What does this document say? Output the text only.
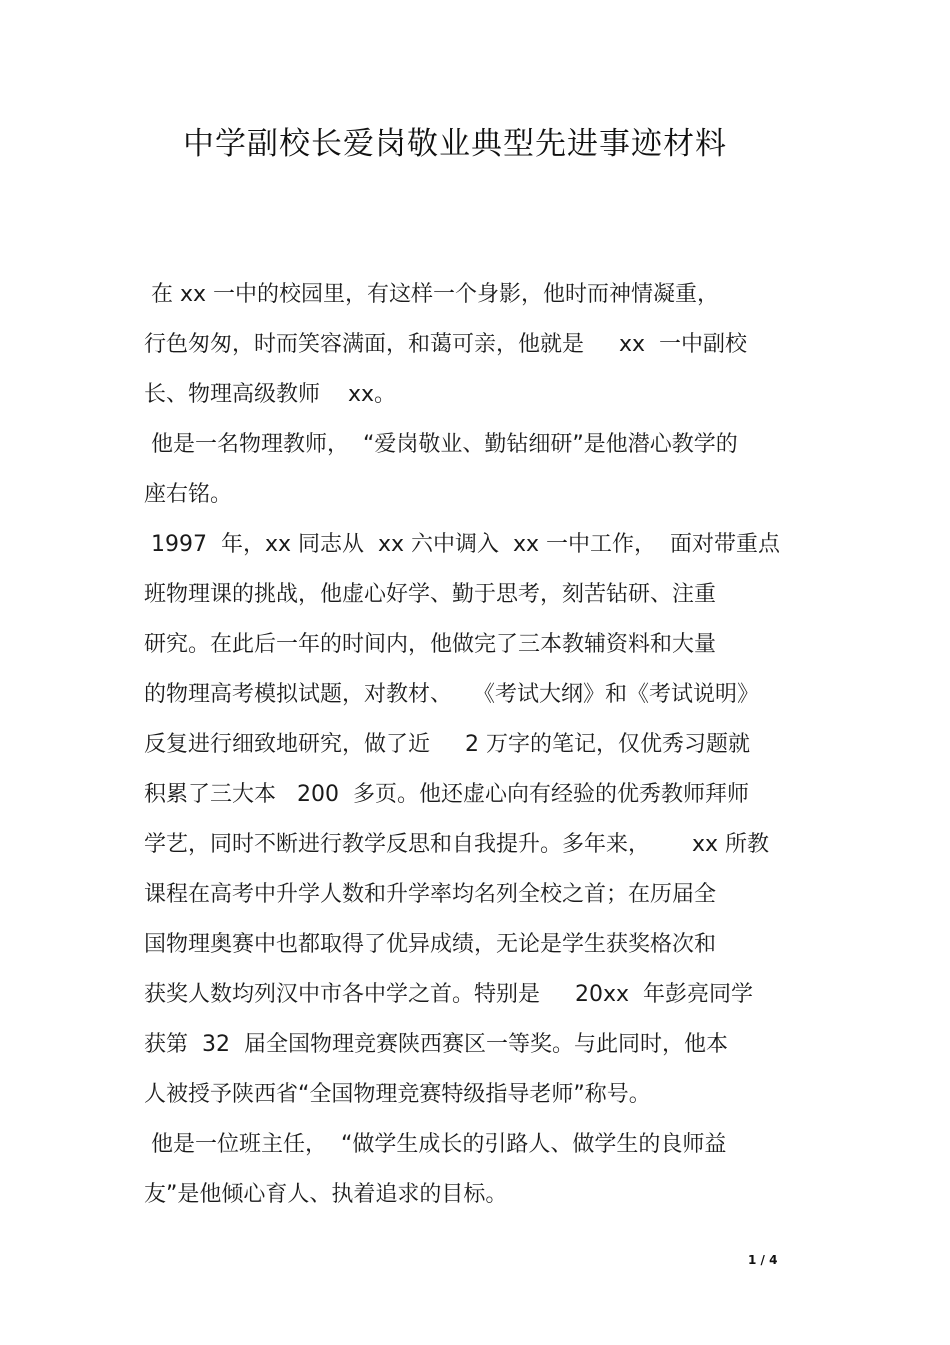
中学副校长爱岗敬业典型先进事迹材料
在 xx 一中的校园里，有这样一个身影，他时而神情凝重，
行色匆匆，时而笑容满面，和蔼可亲，他就是     xx  一中副校
长、物理高级教师    xx。
他是一名物理教师，  “爱岗敬业、勤钻细研”是他潜心教学的
座右铭。
1997  年，xx 同志从  xx 六中调入  xx 一中工作，  面对带重点
班物理课的挑战，他虚心好学、勤于思考，刻苦钻研、注重
研究。在此后一年的时间内，他做完了三本教辅资料和大量
的物理高考模拟试题，对教材、   《考试大纲》和《考试说明》
反复进行细致地研究，做了近     2 万字的笔记，仅优秀习题就
积累了三大本   200  多页。他还虚心向有经验的优秀教师拜师
学艺，同时不断进行教学反思和自我提升。多年来，      xx 所教
课程在高考中升学人数和升学率均名列全校之首；在历届全
国物理奥赛中也都取得了优异成绩，无论是学生获奖格次和
获奖人数均列汉中市各中学之首。特别是     20xx  年彭亮同学
获第  32  届全国物理竞赛陕西赛区一等奖。与此同时，他本
人被授予陕西省“全国物理竞赛特级指导老师”称号。
他是一位班主任，  “做学生成长的引路人、做学生的良师益
友”是他倾心育人、执着追求的目标。
1 / 4
